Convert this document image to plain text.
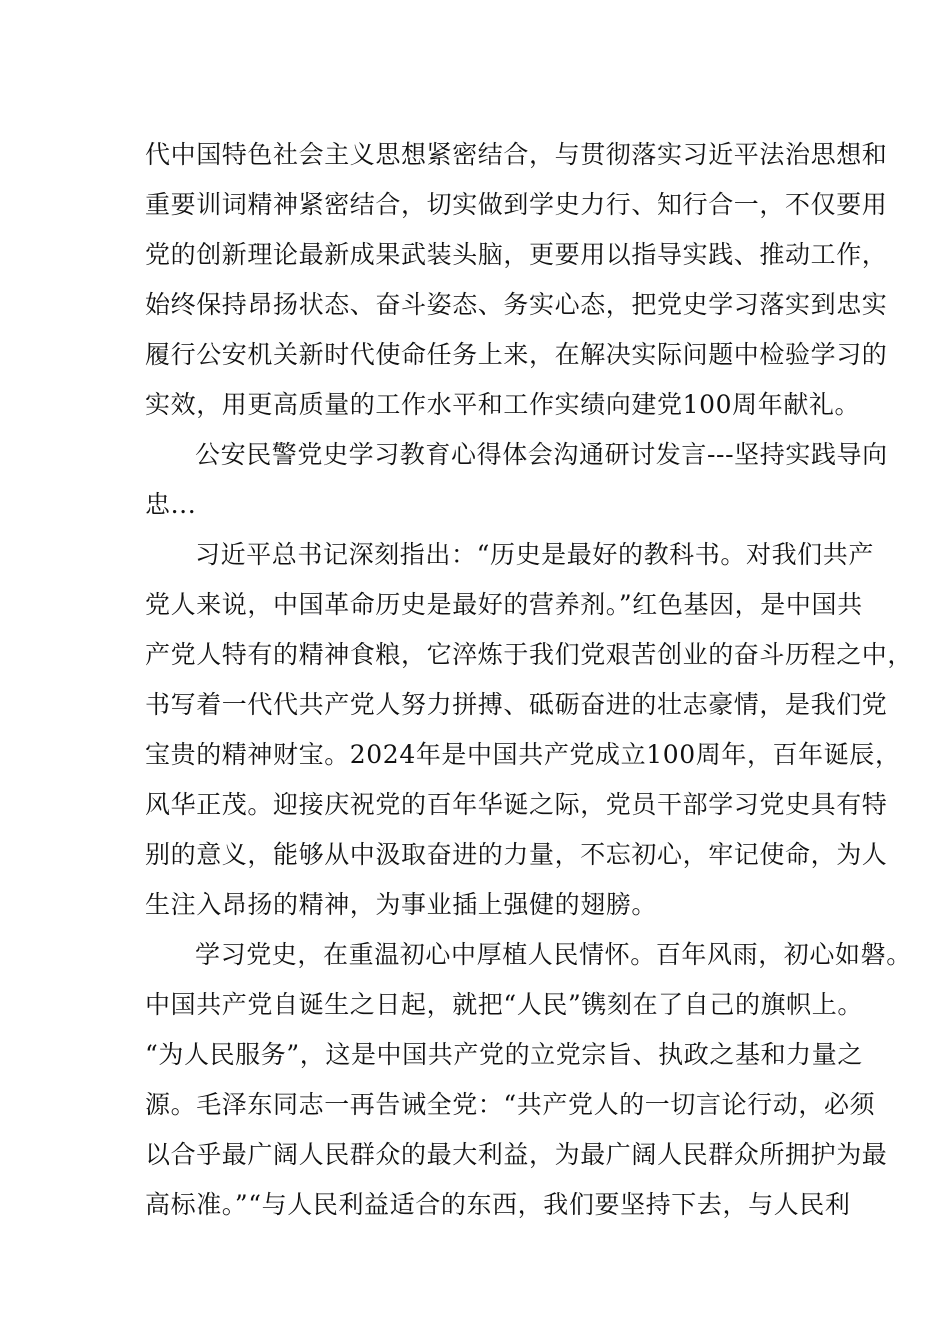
代中国特色社会主义思想紧密结合，与贯彻落实习近平法治思想和
重要训词精神紧密结合，切实做到学史力行、知行合一，不仅要用
党的创新理论最新成果武装头脑，更要用以指导实践、推动工作，
始终保持昂扬状态、奋斗姿态、务实心态，把党史学习落实到忠实
履行公安机关新时代使命任务上来，在解决实际问题中检验学习的
实效，用更高质量的工作水平和工作实绩向建党100周年献礼。
公安民警党史学习教育心得体会沟通研讨发言---坚持实践导向
忠...
习近平总书记深刻指出：“历史是最好的教科书。对我们共产
党人来说，中国革命历史是最好的营养剂。”红色基因，是中国共
产党人特有的精神食粮，它淬炼于我们党艰苦创业的奋斗历程之中，
书写着一代代共产党人努力拼搏、砥砺奋进的壮志豪情，是我们党
宝贵的精神财宝。2024年是中国共产党成立100周年，百年诞辰，
风华正茂。迎接庆祝党的百年华诞之际，党员干部学习党史具有特
别的意义，能够从中汲取奋进的力量，不忘初心，牢记使命，为人
生注入昂扬的精神，为事业插上强健的翅膀。
学习党史，在重温初心中厚植人民情怀。百年风雨，初心如磐。
中国共产党自诞生之日起，就把“人民”镌刻在了自己的旗帜上。
“为人民服务”，这是中国共产党的立党宗旨、执政之基和力量之
源。毛泽东同志一再告诫全党：“共产党人的一切言论行动，必须
以合乎最广阔人民群众的最大利益，为最广阔人民群众所拥护为最
高标准。”“与人民利益适合的东西，我们要坚持下去，与人民利
